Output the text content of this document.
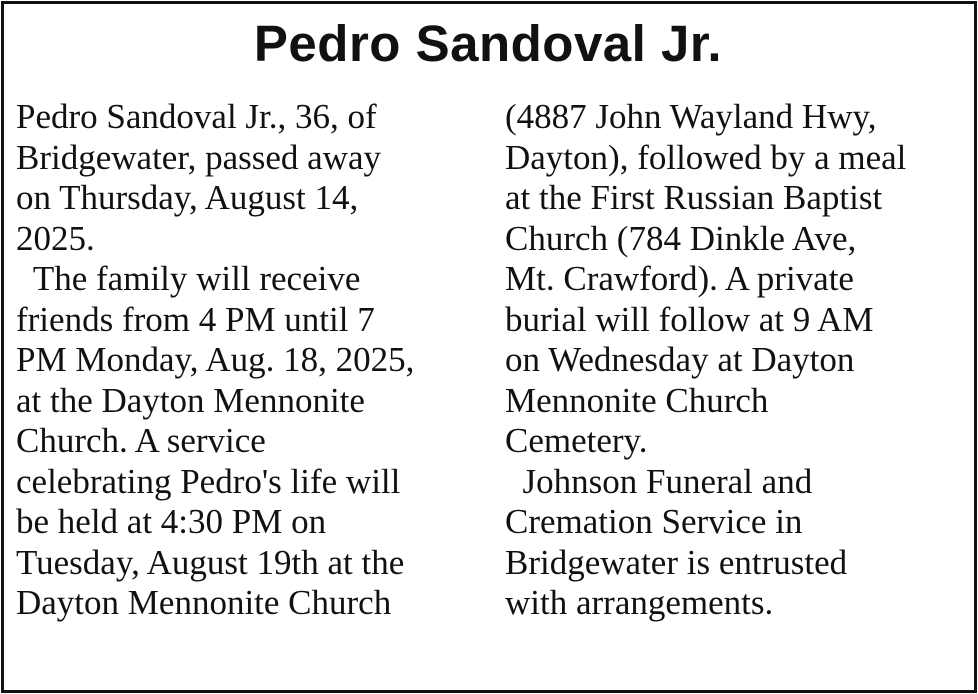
Pedro Sandoval Jr.
Pedro Sandoval Jr., 36, of
Bridgewater, passed away
on Thursday, August 14,
2025.
The family will receive
friends from 4 PM until 7
PM Monday, Aug. 18, 2025,
at the Dayton Mennonite
Church. A service
celebrating Pedro's life will
be held at 4:30 PM on
Tuesday, August 19th at the
Dayton Mennonite Church
(4887 John Wayland Hwy,
Dayton), followed by a meal
at the First Russian Baptist
Church (784 Dinkle Ave,
Mt. Crawford). A private
burial will follow at 9 AM
on Wednesday at Dayton
Mennonite Church
Cemetery.
Johnson Funeral and
Cremation Service in
Bridgewater is entrusted
with arrangements.
